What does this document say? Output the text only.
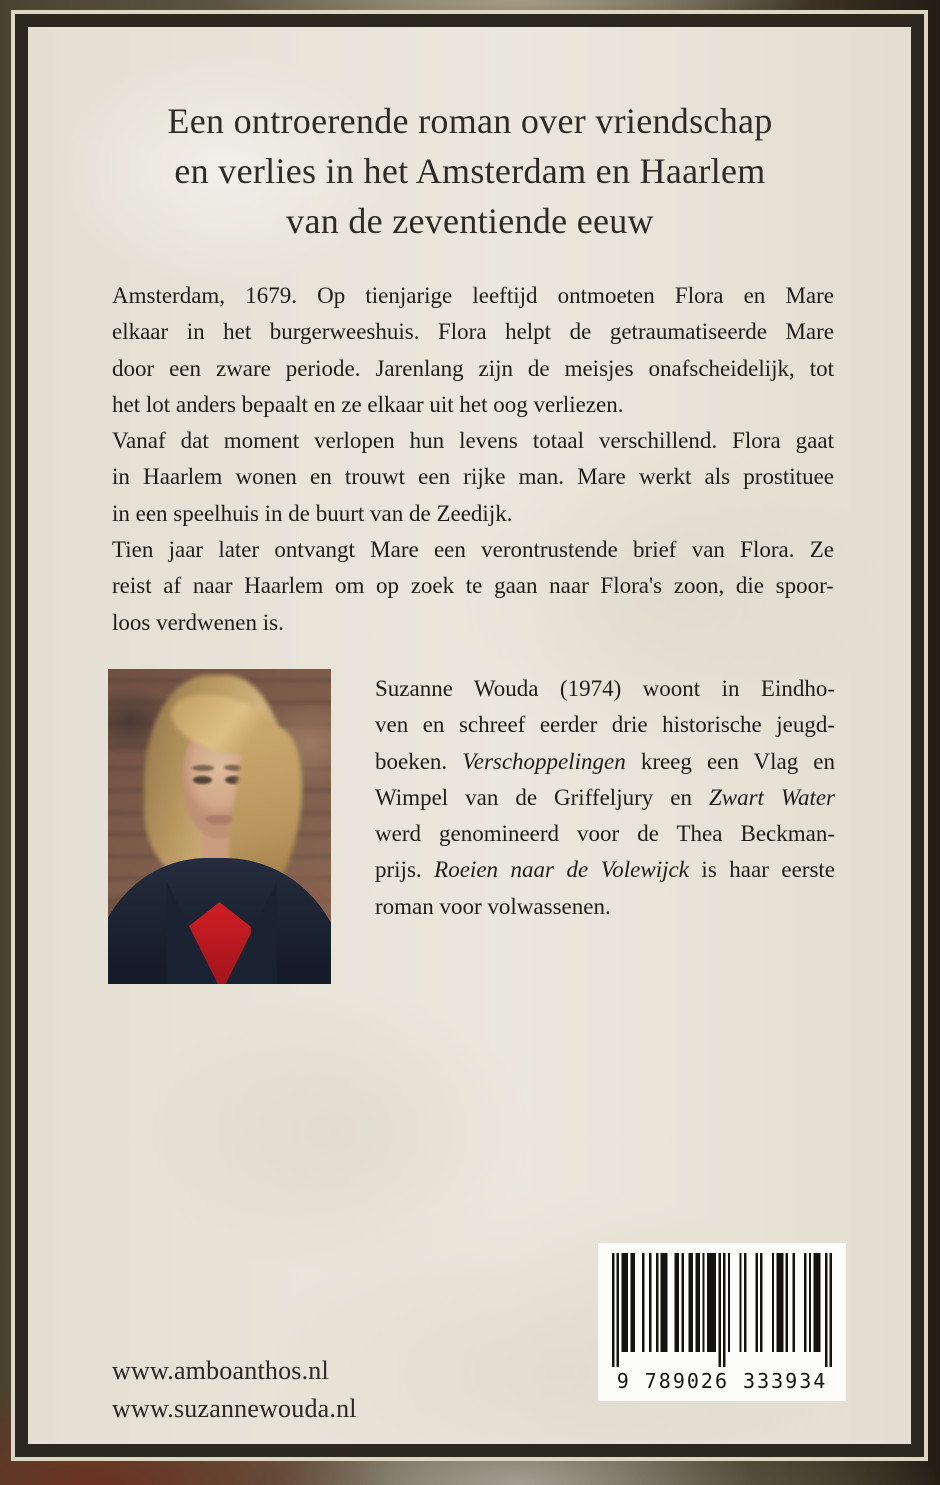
Een ontroerende roman over vriendschap
en verlies in het Amsterdam en Haarlem
van de zeventiende eeuw
Amsterdam, 1679. Op tienjarige leeftijd ontmoeten Flora en Mare
elkaar in het burgerweeshuis. Flora helpt de getraumatiseerde Mare
door een zware periode. Jarenlang zijn de meisjes onafscheidelijk, tot
het lot anders bepaalt en ze elkaar uit het oog verliezen.
Vanaf dat moment verlopen hun levens totaal verschillend. Flora gaat
in Haarlem wonen en trouwt een rijke man. Mare werkt als prostituee
in een speelhuis in de buurt van de Zeedijk.
Tien jaar later ontvangt Mare een verontrustende brief van Flora. Ze
reist af naar Haarlem om op zoek te gaan naar Flora's zoon, die spoor-
loos verdwenen is.
Suzanne Wouda (1974) woont in Eindho-
ven en schreef eerder drie historische jeugd-
boeken. Verschoppelingen kreeg een Vlag en
Wimpel van de Griffeljury en Zwart Water
werd genomineerd voor de Thea Beckman-
prijs. Roeien naar de Volewijck is haar eerste
roman voor volwassenen.
9 789026 333934
www.amboanthos.nl
www.suzannewouda.nl
